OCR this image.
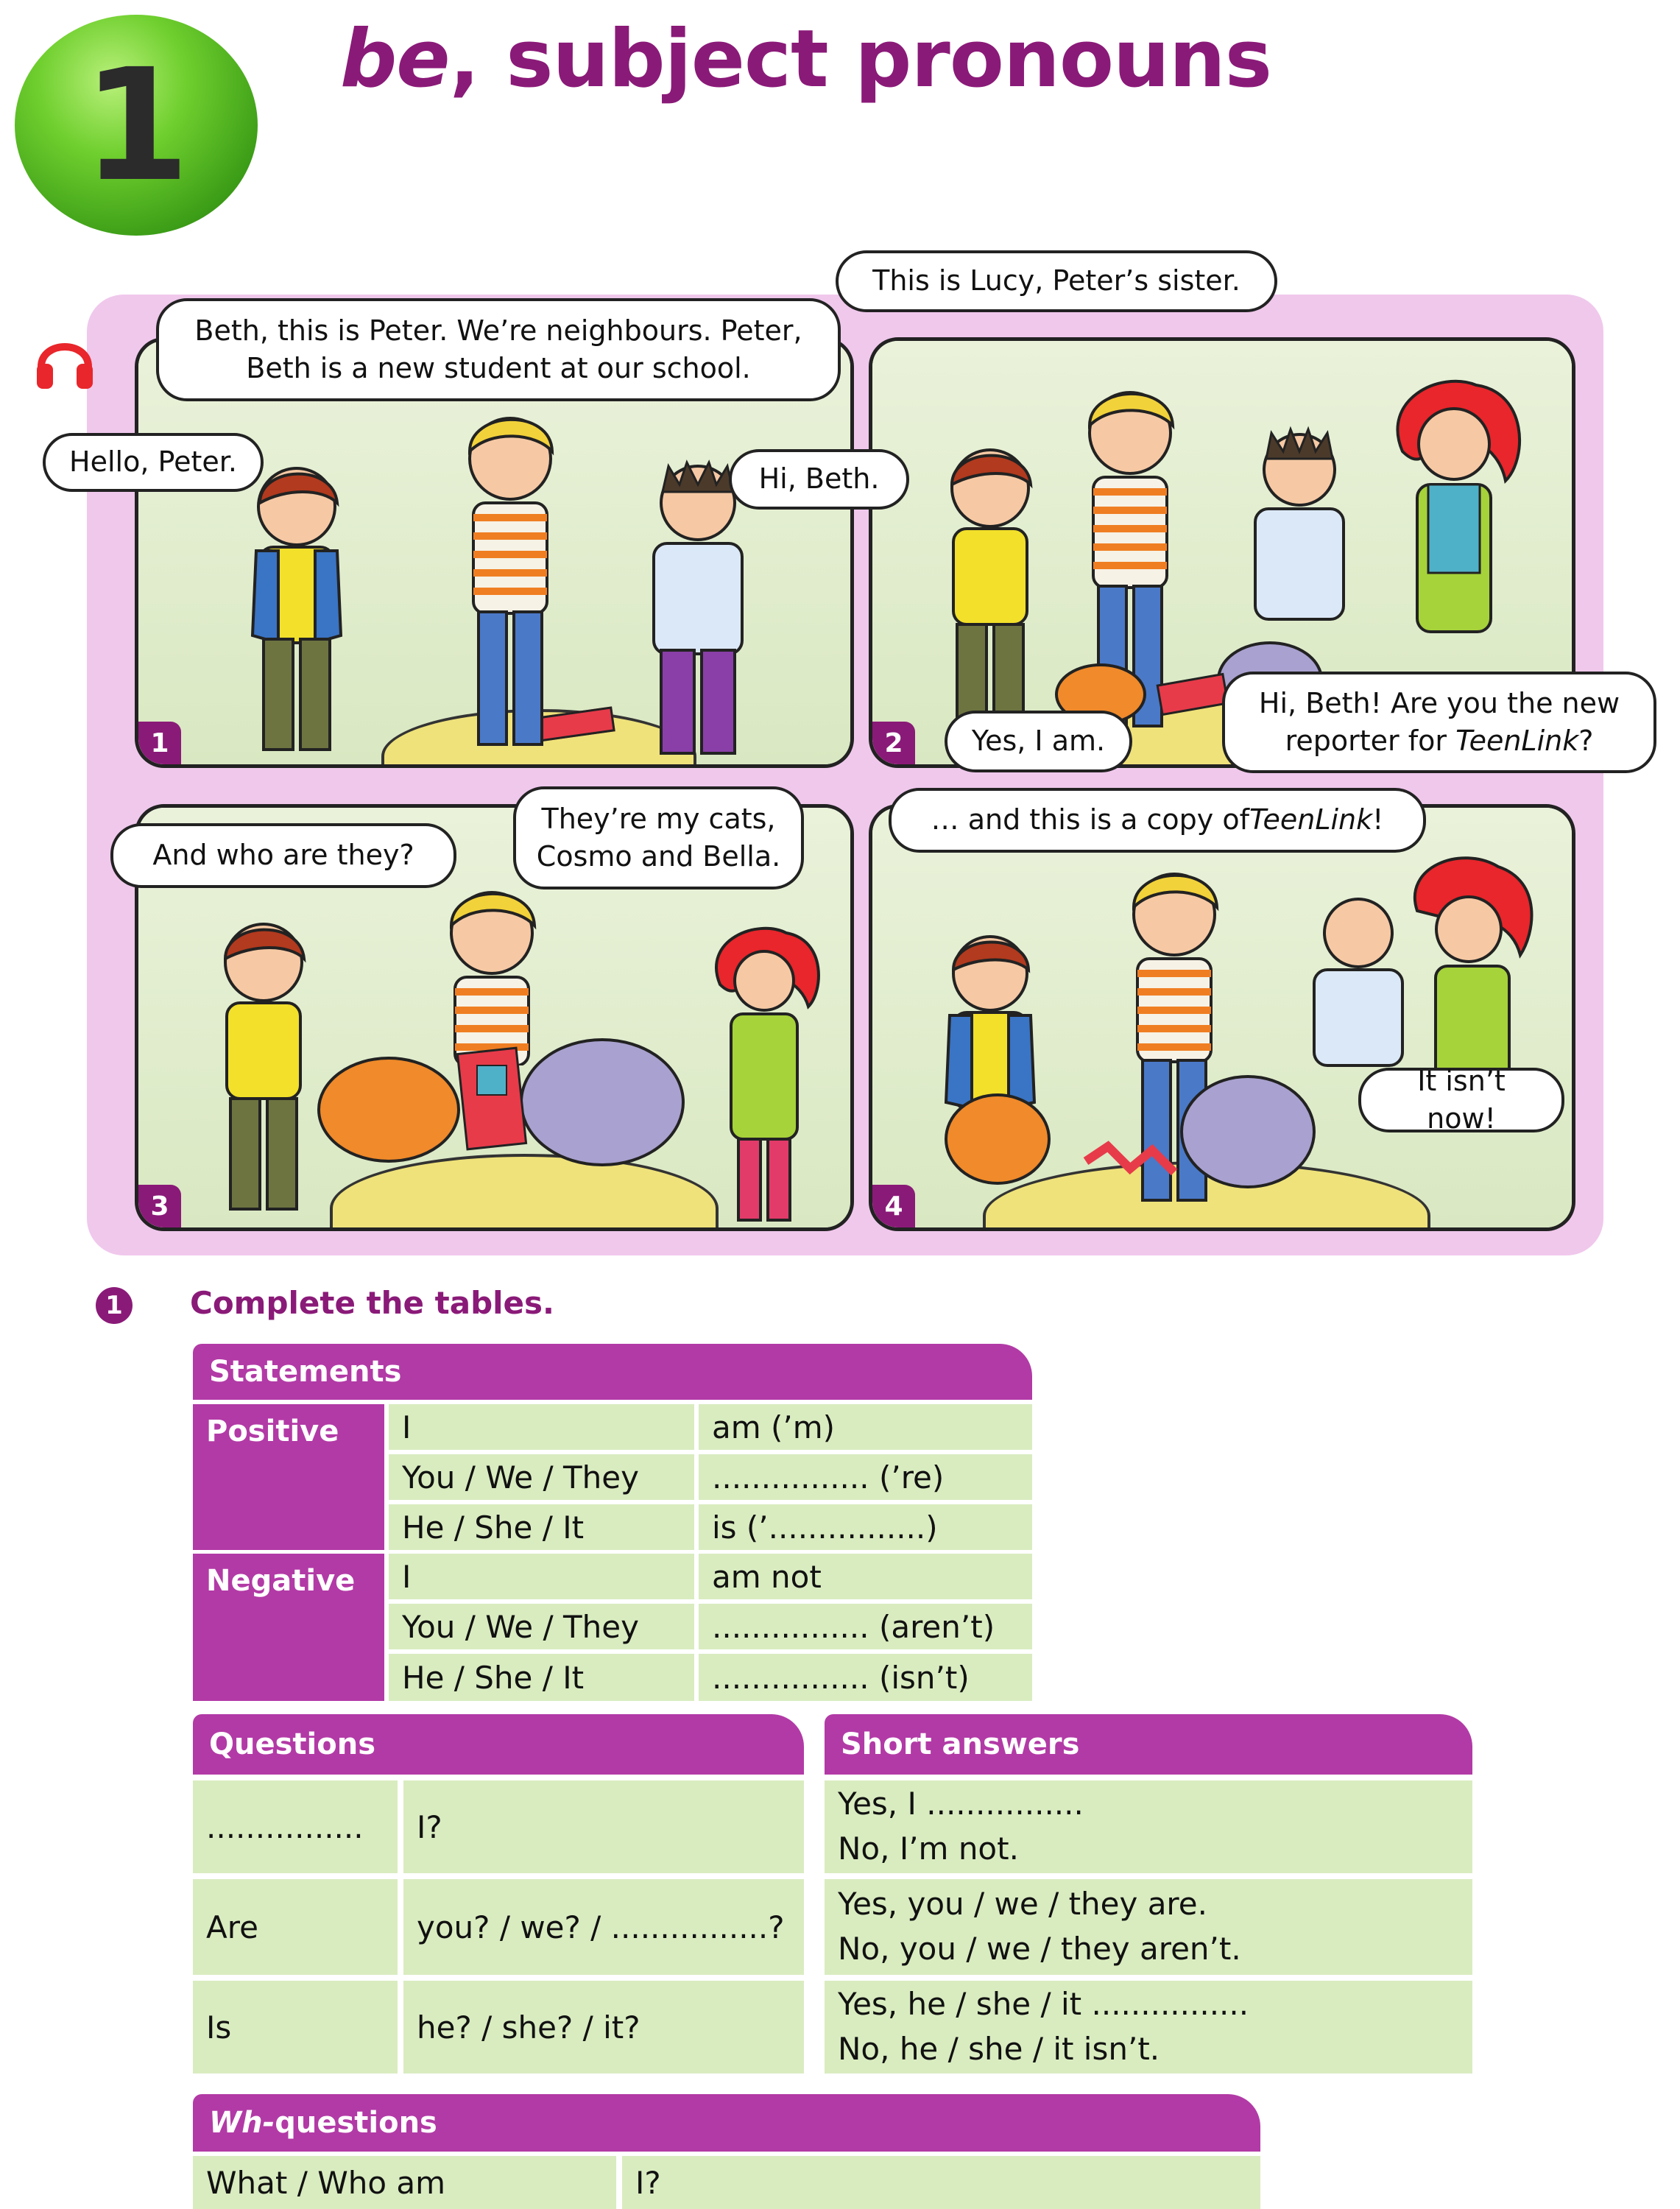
1	be, subject pronouns
1	2
3	4
Beth, this is Peter. We’re neighbours. Peter,
Beth is a new student at our school.
Hello, Peter.
Hi, Beth.
This is Lucy, Peter’s sister.
Yes, I am.
Hi, Beth! Are you the new
reporter for TeenLink?
And who are they?
They’re my cats,
Cosmo and Bella.
… and this is a copy of TeenLink !
It isn’t now!
1	Complete the tables.
Statements
Positive
Negative
I	am (’m)
You / We / They	................ (’re)
He / She / It	is (’................)
I	am not
You / We / They	................ (aren’t)
He / She / It	................ (isn’t)
Questions
................	I?
Are	you? / we? / ................?
Is	he? / she? / it?
Short answers
Yes, I ................
No, I’m not.
Yes, you / we / they are.
No, you / we / they aren’t.
Yes, he / she / it ................
No, he / she / it isn’t.
Wh- questions
What / Who am	I?
